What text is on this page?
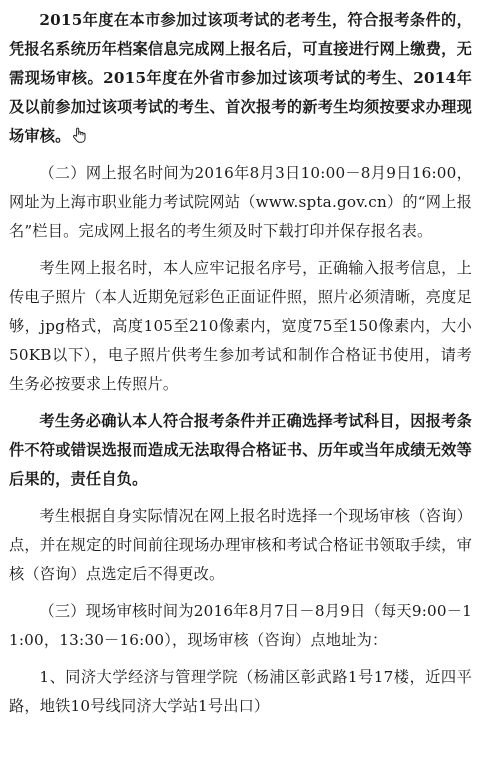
2015年度在本市参加过该项考试的老考生，符合报考条件的，凭报名系统历年档案信息完成网上报名后，可直接进行网上缴费，无需现场审核。2015年度在外省市参加过该项考试的考生、2014年及以前参加过该项考试的考生、首次报考的新考生均须按要求办理现场审核。

（二）网上报名时间为2016年8月3日10:00－8月9日16:00，网址为上海市职业能力考试院网站（www.spta.gov.cn）的“网上报名”栏目。完成网上报名的考生须及时下载打印并保存报名表。

考生网上报名时，本人应牢记报名序号，正确输入报考信息，上传电子照片（本人近期免冠彩色正面证件照，照片必须清晰，亮度足够，jpg格式，高度105至210像素内，宽度75至150像素内，大小50KB以下），电子照片供考生参加考试和制作合格证书使用，请考生务必按要求上传照片。

考生务必确认本人符合报考条件并正确选择考试科目，因报考条件不符或错误选报而造成无法取得合格证书、历年或当年成绩无效等后果的，责任自负。

考生根据自身实际情况在网上报名时选择一个现场审核（咨询）点，并在规定的时间前往现场办理审核和考试合格证书领取手续，审核（咨询）点选定后不得更改。

（三）现场审核时间为2016年8月7日－8月9日（每天9:00－11:00，13:30－16:00），现场审核（咨询）点地址为：

1、同济大学经济与管理学院（杨浦区彰武路1号17楼，近四平路，地铁10号线同济大学站1号出口）
